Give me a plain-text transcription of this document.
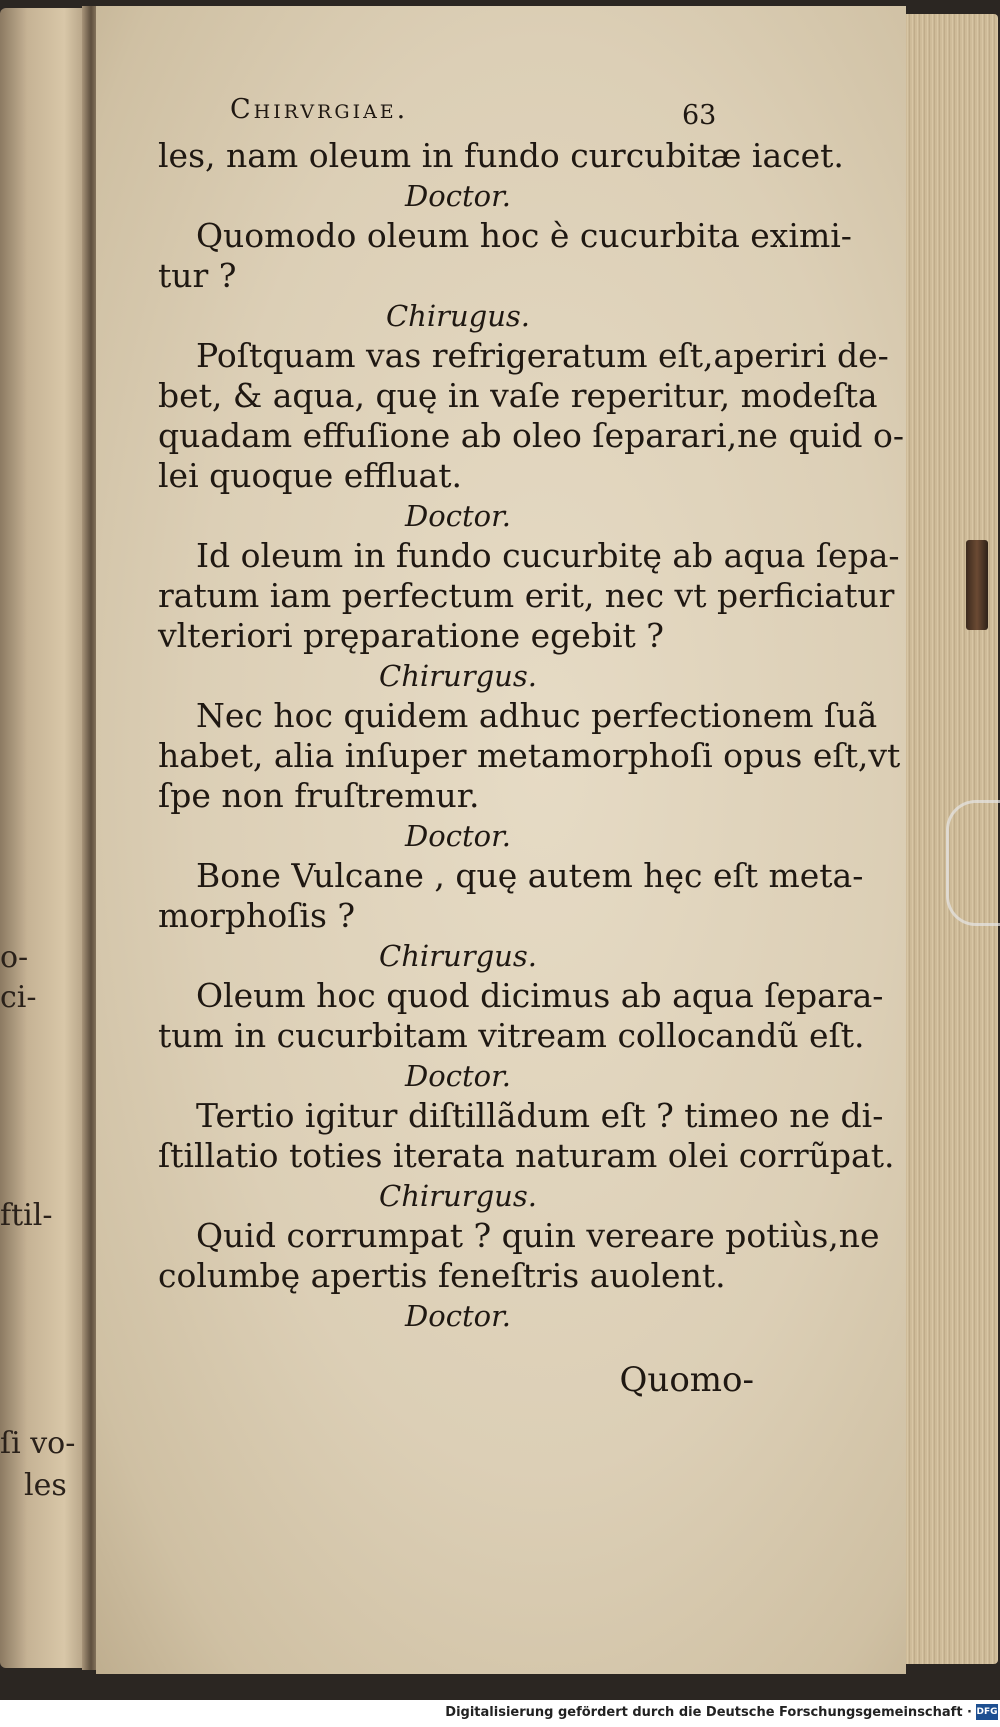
o-
ci-
ftil-
ſi vo-
les
Chirvrgiae.	63

les, nam oleum in fundo curcubitæ iacet.

Doctor.

Quomodo oleum hoc è cucurbita eximi-

tur ?

Chirugus.

Poſtquam vas refrigeratum eſt,aperiri de-

bet, & aqua, quę in vaſe reperitur, modeſta

quadam effuſione ab oleo ſeparari,ne quid o-

lei quoque effluat.

Doctor.

Id oleum in fundo cucurbitę ab aqua ſepa-

ratum iam perfectum erit, nec vt perficiatur

vlteriori pręparatione egebit ?

Chirurgus.

Nec hoc quidem adhuc perfectionem ſuã

habet, alia inſuper metamorphoſi opus eſt,vt

ſpe non fruſtremur.

Doctor.

Bone Vulcane , quę autem hęc eſt meta-

morphoſis ?

Chirurgus.

Oleum hoc quod dicimus ab aqua ſepara-

tum in cucurbitam vitream collocandũ eſt.

Doctor.

Tertio igitur diſtillãdum eſt ? timeo ne di-

ſtillatio toties iterata naturam olei corrũpat.

Chirurgus.

Quid corrumpat ? quin vereare potiùs,ne

columbę apertis feneſtris auolent.

Doctor.
Quomo-
Digitalisierung gefördert durch die Deutsche Forschungsgemeinschaft · DFG
